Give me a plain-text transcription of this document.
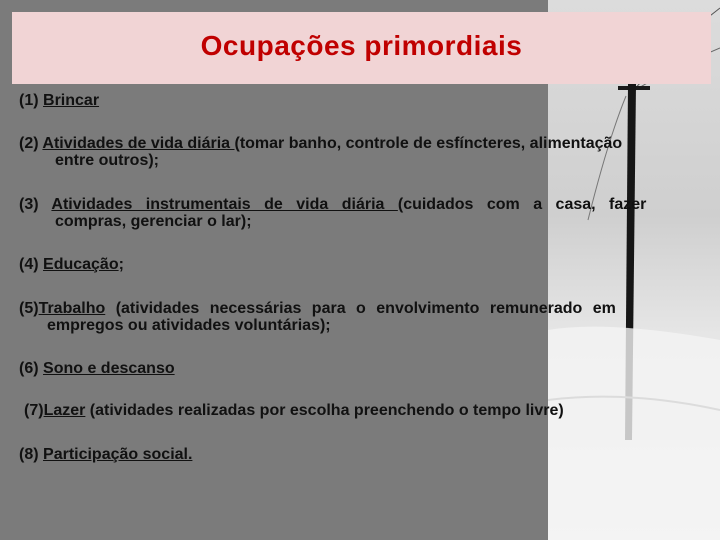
Ocupações primordiais

(1) Brincar

(2) Atividades de vida diária (tomar banho, controle de esfíncteres, alimentação
entre outros);

(3) Atividades instrumentais de vida diária (cuidados com a casa, fazer
compras, gerenciar o lar);

(4) Educação;

(5)Trabalho (atividades necessárias para o envolvimento remunerado em
empregos ou atividades voluntárias);

(6) Sono e descanso

(7)Lazer (atividades realizadas por escolha preenchendo o tempo livre)

(8) Participação social.
